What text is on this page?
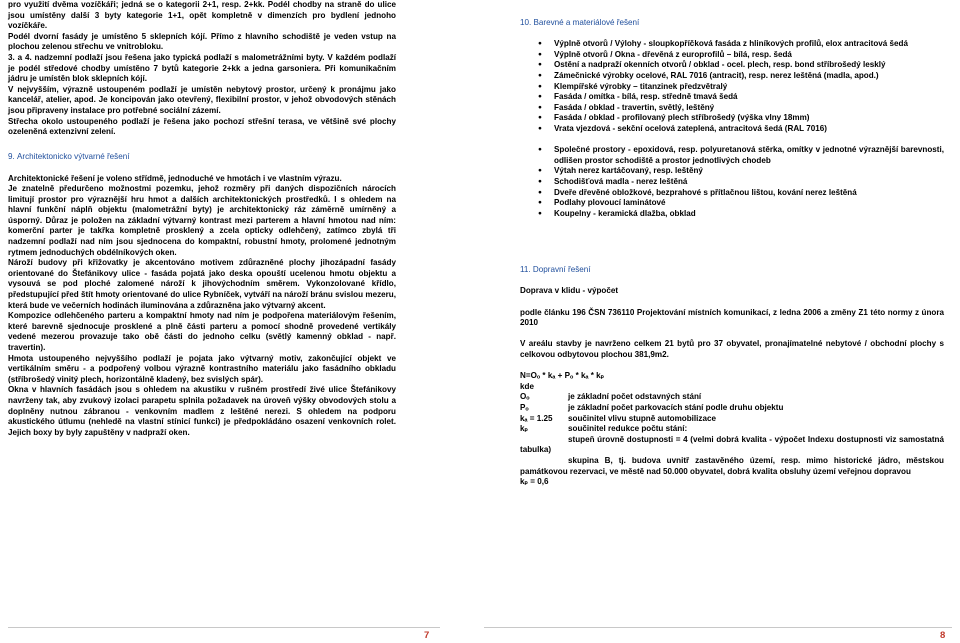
pro využití dvěma vozíčkáři; jedná se o kategorii 2+1, resp. 2+kk. Podél chodby na straně do ulice jsou umístěny další 3 byty kategorie 1+1, opět kompletně v dimenzích pro bydlení jednoho vozíčkáře.

Podél dvorní fasády je umístěno 5 sklepních kójí. Přímo z hlavního schodiště je veden vstup na plochou zelenou střechu ve vnitrobloku.

3. a 4. nadzemní podlaží jsou řešena jako typická podlaží s malometrážními byty. V každém podlaží je podél středové chodby umístěno 7 bytů kategorie 2+kk a jedna garsoniera. Při komunikačním jádru je umístěn blok sklepních kójí.

V nejvyšším, výrazně ustoupeném podlaží je umístěn nebytový prostor, určený k pronájmu jako kancelář, atelier, apod. Je koncipován jako otevřený, flexibilní prostor, v jehož obvodových stěnách jsou připraveny instalace pro potřebné sociální zázemí.

Střecha okolo ustoupeného podlaží je řešena jako pochozí střešní terasa, ve většině své plochy ozeleněná extenzivní zelení.

9. Architektonicko výtvarné řešení

Architektonické řešení je voleno střídmě, jednoduché ve hmotách i ve vlastním výrazu.

Je znatelně předurčeno možnostmi pozemku, jehož rozměry při daných dispozičních nárocích limitují prostor pro výraznější hru hmot a dalších architektonických prostředků. I s ohledem na hlavní funkční náplň objektu (malometrážní byty) je architektonický ráz záměrně umírněný a úsporný. Důraz je položen na základní výtvarný kontrast mezi parterem a hlavní hmotou nad ním: komerční parter je takřka kompletně prosklený a zcela opticky odlehčený, zatímco zbylá tři nadzemní podlaží nad ním jsou sjednocena do kompaktní, robustní hmoty, prolomené jednotným rytmem jednoduchých obdélníkových oken.

Nároží budovy při křižovatky je akcentováno motivem zdůrazněné plochy jihozápadní fasády orientované do Štefánikovy ulice - fasáda pojatá jako deska opouští ucelenou hmotu objektu a vysouvá se pod ploché zalomené nároží k jihovýchodním směrem. Vykonzolované křídlo, předstupující před štít hmoty orientované do ulice Rybníček, vytváří na nároží bránu svislou mezeru, která bude ve večerních hodinách iluminována a zdůrazněna jako výtvarný akcent.

Kompozice odlehčeného parteru a kompaktní hmoty nad ním je podpořena materiálovým řešením, které barevně sjednocuje prosklené a plně části parteru a pomocí shodně provedené vertikály vedené mezerou provazuje tako obě části do jednoho celku (světlý kamenný obklad - např. travertin).

Hmota ustoupeného nejvyššího podlaží je pojata jako výtvarný motiv, zakončující objekt ve vertikálním směru - a podpořený volbou výrazně kontrastního materiálu jako fasádního obkladu (stříbrošedý vinitý plech, horizontálně kladený, bez svislých spár).

Okna v hlavních fasádách jsou s ohledem na akustiku v rušném prostředí živé ulice Štefánikovy navrženy tak, aby zvukový izolaci parapetu splnila požadavek na úroveň výšky obvodových stolu a doplněny nutnou zábranou - venkovním madlem z leštěné nerezi. S ohledem na podporu akustického útlumu (nehledě na vlastní stínicí funkci) je předpokládáno osazení venkovních rolet. Jejich boxy by byly zapuštěny v nadpraží oken.

10. Barevné a materiálové řešení
● Výplně otvorů / Výlohy - sloupkopříčková fasáda z hliníkových profilů, elox antracitová šedá
● Výplně otvorů / Okna - dřevěná z europrofilů – bílá, resp. šedá
● Ostění a nadpraží okenních otvorů / obklad - ocel. plech, resp. bond stříbrošedý lesklý
● Zámečnické výrobky ocelové, RAL 7016 (antracit), resp. nerez leštěná (madla, apod.)
● Klempířské výrobky – titanzinek předzvětralý
● Fasáda / omítka - bílá, resp. středně tmavá šedá
● Fasáda / obklad - travertin, světlý, leštěný
● Fasáda / obklad - profilovaný plech stříbrošedý (výška vlny 18mm)
● Vrata vjezdová - sekční ocelová zateplená, antracitová šedá (RAL 7016)
● Společné prostory - epoxidová, resp. polyuretanová stěrka, omítky v jednotné výraznější barevnosti, odlišen prostor schodiště a prostor jednotlivých chodeb
● Výtah nerez kartáčovaný, resp. leštěný
● Schodišťová madla - nerez leštěná
● Dveře dřevěné obložkové, bezprahové s přítlačnou lištou, kování nerez leštěná
● Podlahy plovoucí laminátové
● Koupelny - keramická dlažba, obklad
11. Dopravní řešení

Doprava v klidu - výpočet

podle článku 196 ČSN 736110 Projektování místních komunikací, z ledna 2006 a změny Z1 této normy z února 2010

V areálu stavby je navrženo celkem 21 bytů pro 37 obyvatel, pronajímatelné nebytové / obchodní plochy s celkovou odbytovou plochou 381,9m2.

N=Oₒ * kₐ + Pₒ * kₐ * kₚ

kde

Oₒ	je základní počet odstavných stání
Pₒ	je základní počet parkovacích stání podle druhu objektu
kₐ = 1.25	součinitel vlivu stupně automobilizace
kₚ	součinitel redukce počtu stání:

stupeň úrovně dostupnosti = 4 (velmi dobrá kvalita - výpočet Indexu dostupnosti viz samostatná tabulka)

skupina B, tj. budova uvnitř zastavěného území, resp. mimo historické jádro, městskou památkovou rezervaci, ve městě nad 50.000 obyvatel, dobrá kvalita obsluhy území veřejnou dopravou

kₚ = 0,6

7	8
